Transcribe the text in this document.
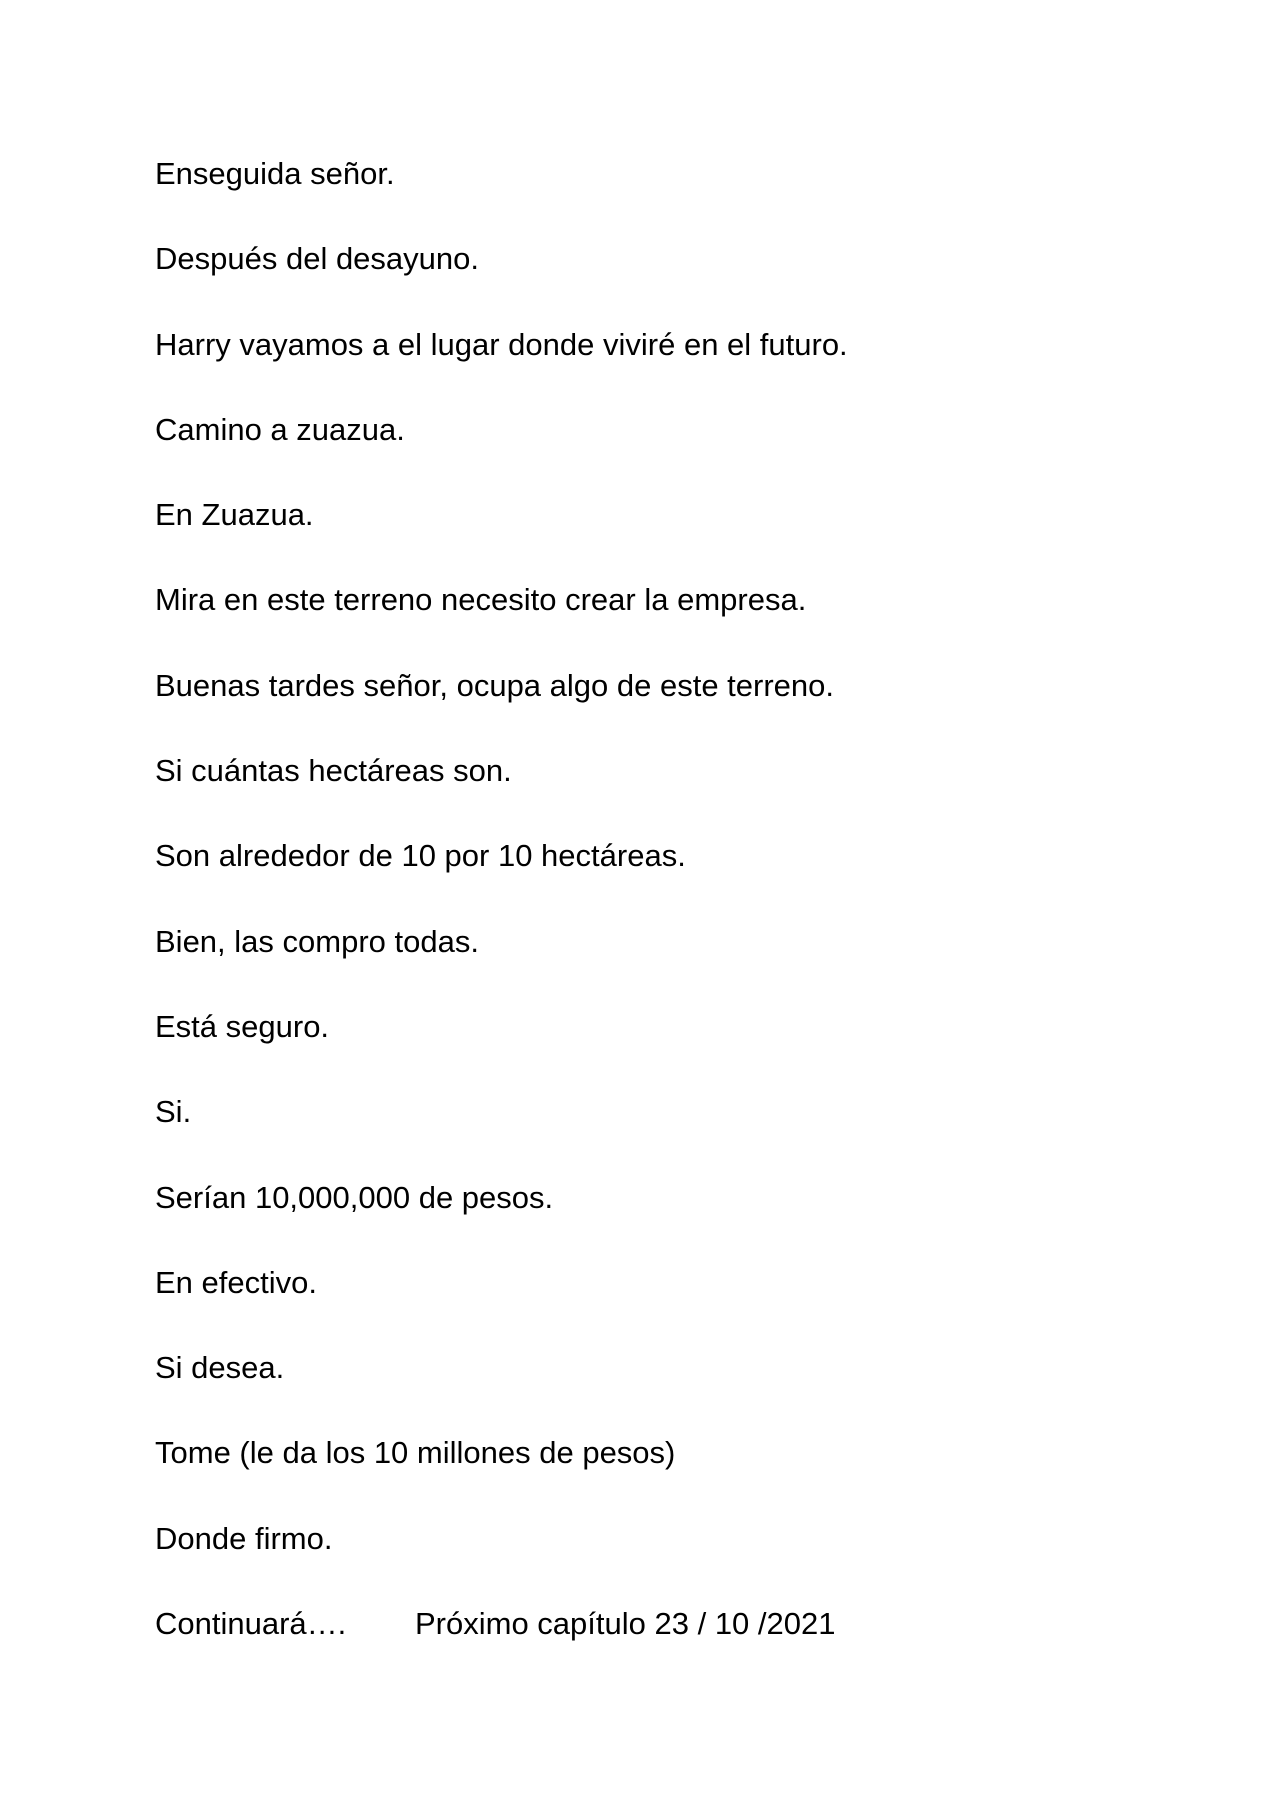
Enseguida señor.
Después del desayuno.
Harry vayamos a el lugar donde viviré en el futuro.
Camino a zuazua.
En Zuazua.
Mira en este terreno necesito crear la empresa.
Buenas tardes señor, ocupa algo de este terreno.
Si cuántas hectáreas son.
Son alrededor de 10 por 10 hectáreas.
Bien, las compro todas.
Está seguro.
Si.
Serían 10,000,000 de pesos.
En efectivo.
Si desea.
Tome (le da los 10 millones de pesos)
Donde firmo.
Continuará….	Próximo capítulo 23 / 10 /2021
